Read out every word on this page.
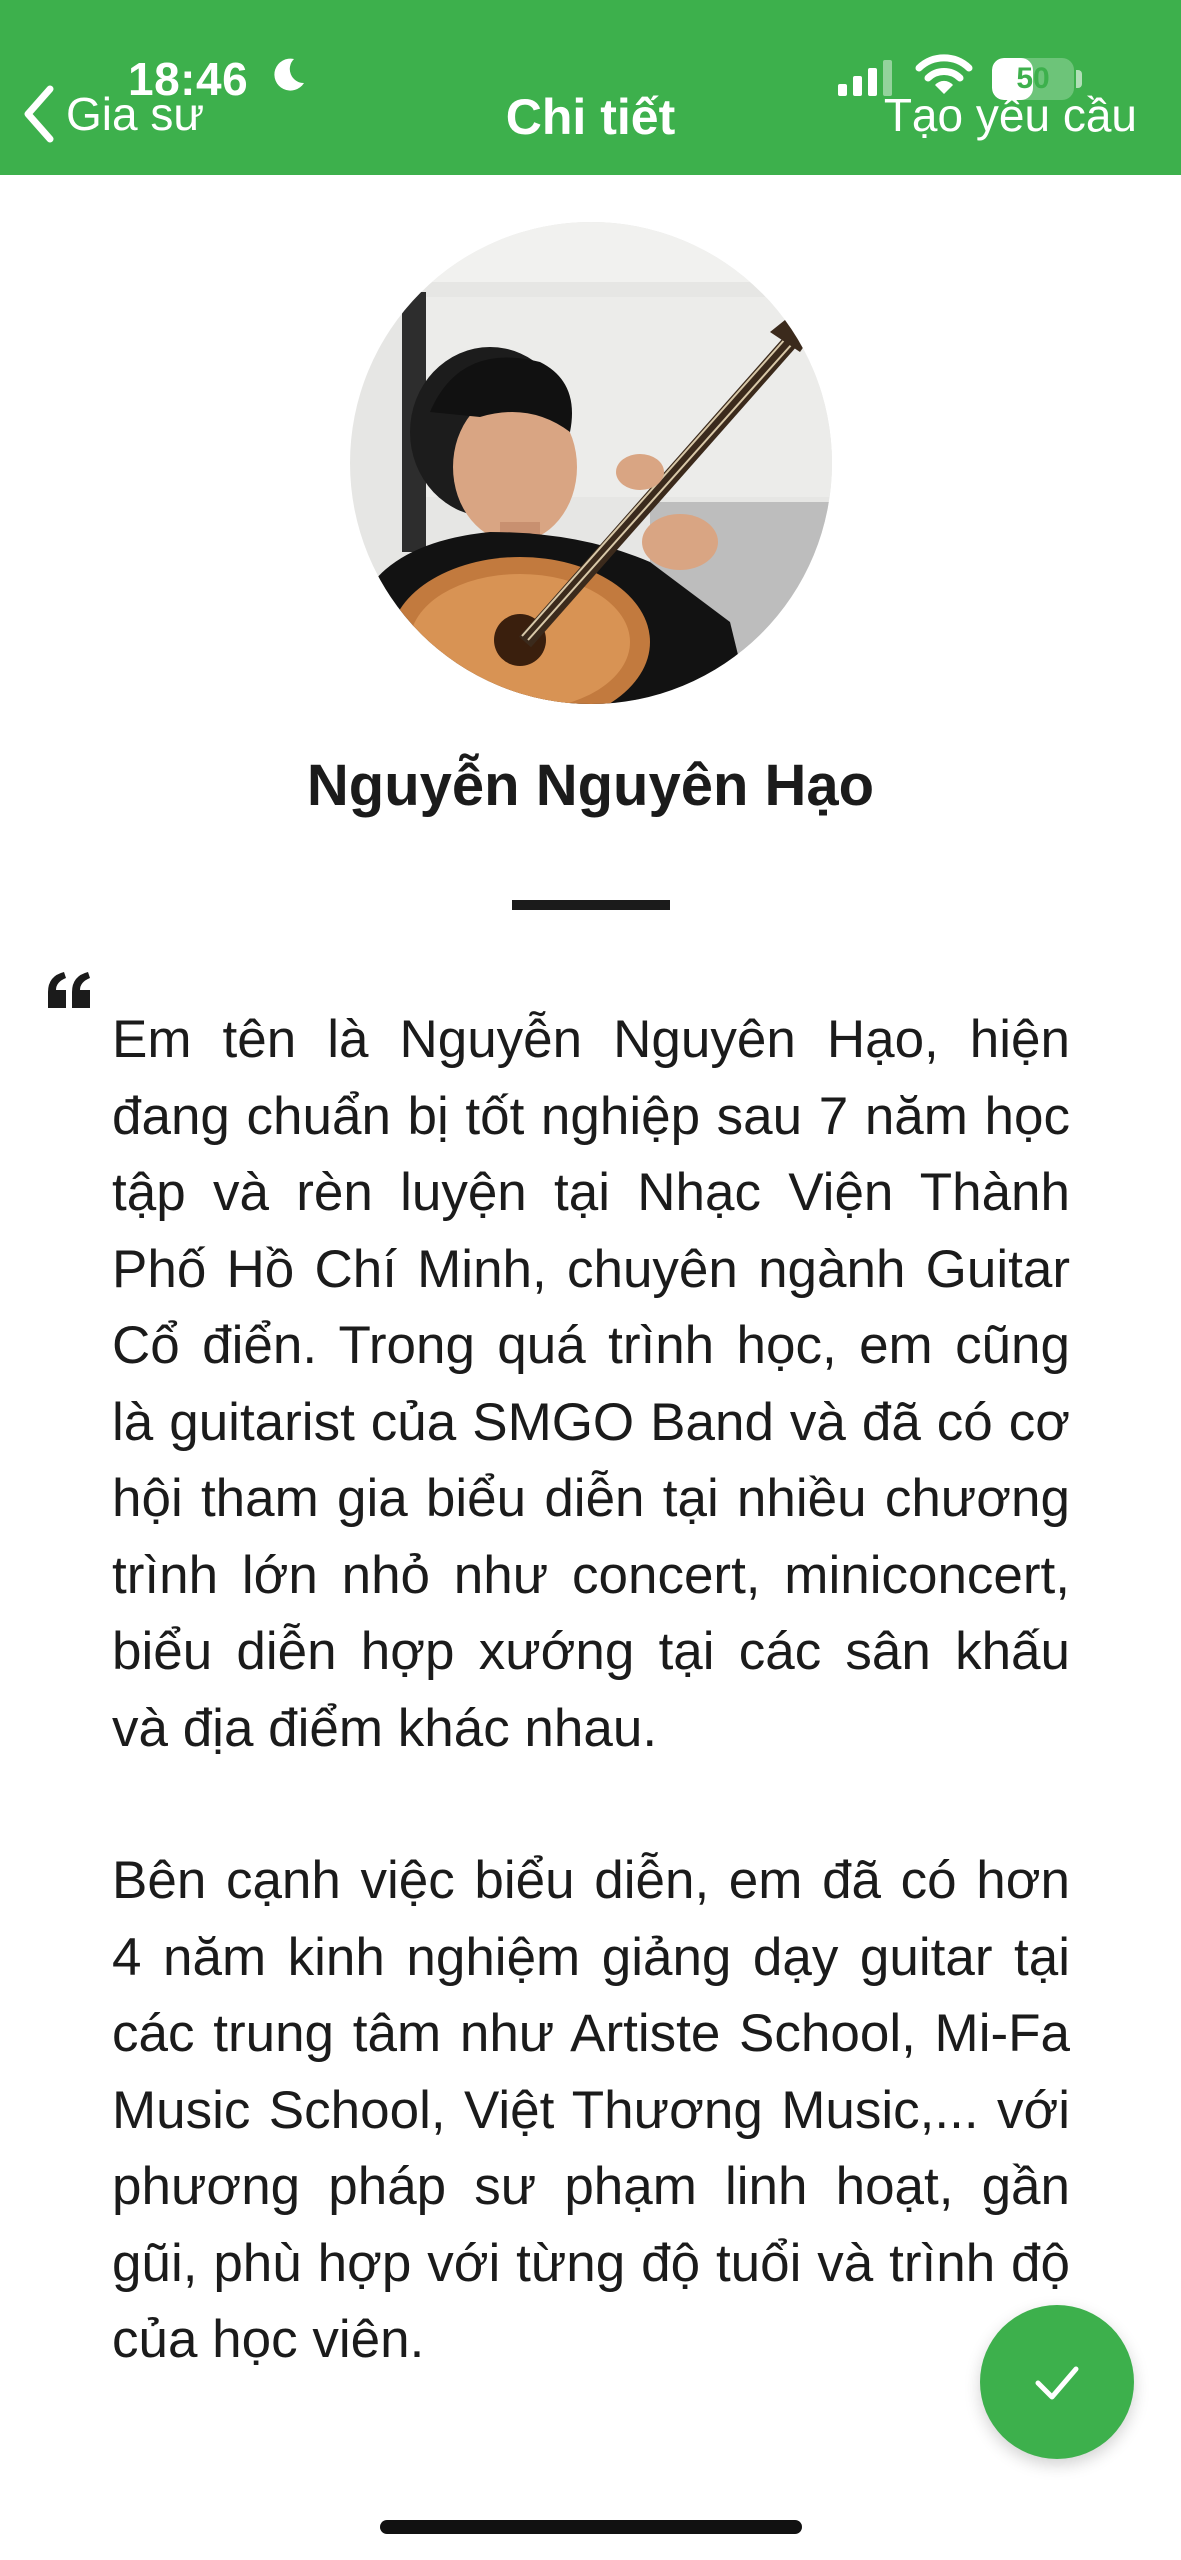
18:46	50
Gia sư	Chi tiết	Tạo yêu cầu
Nguyễn Nguyên Hạo

Em tên là Nguyễn Nguyên Hạo, hiện đang chuẩn bị tốt nghiệp sau 7 năm học tập và rèn luyện tại Nhạc Viện Thành Phố Hồ Chí Minh, chuyên ngành Guitar Cổ điển. Trong quá trình học, em cũng là guitarist của SMGO Band và đã có cơ hội tham gia biểu diễn tại nhiều chương trình lớn nhỏ như concert, miniconcert, biểu diễn hợp xướng tại các sân khấu và địa điểm khác nhau.

Bên cạnh việc biểu diễn, em đã có hơn 4 năm kinh nghiệm giảng dạy guitar tại các trung tâm như Artiste School, Mi-Fa Music School, Việt Thương Music,... với phương pháp sư phạm linh hoạt, gần gũi, phù hợp với từng độ tuổi và trình độ của học viên.
